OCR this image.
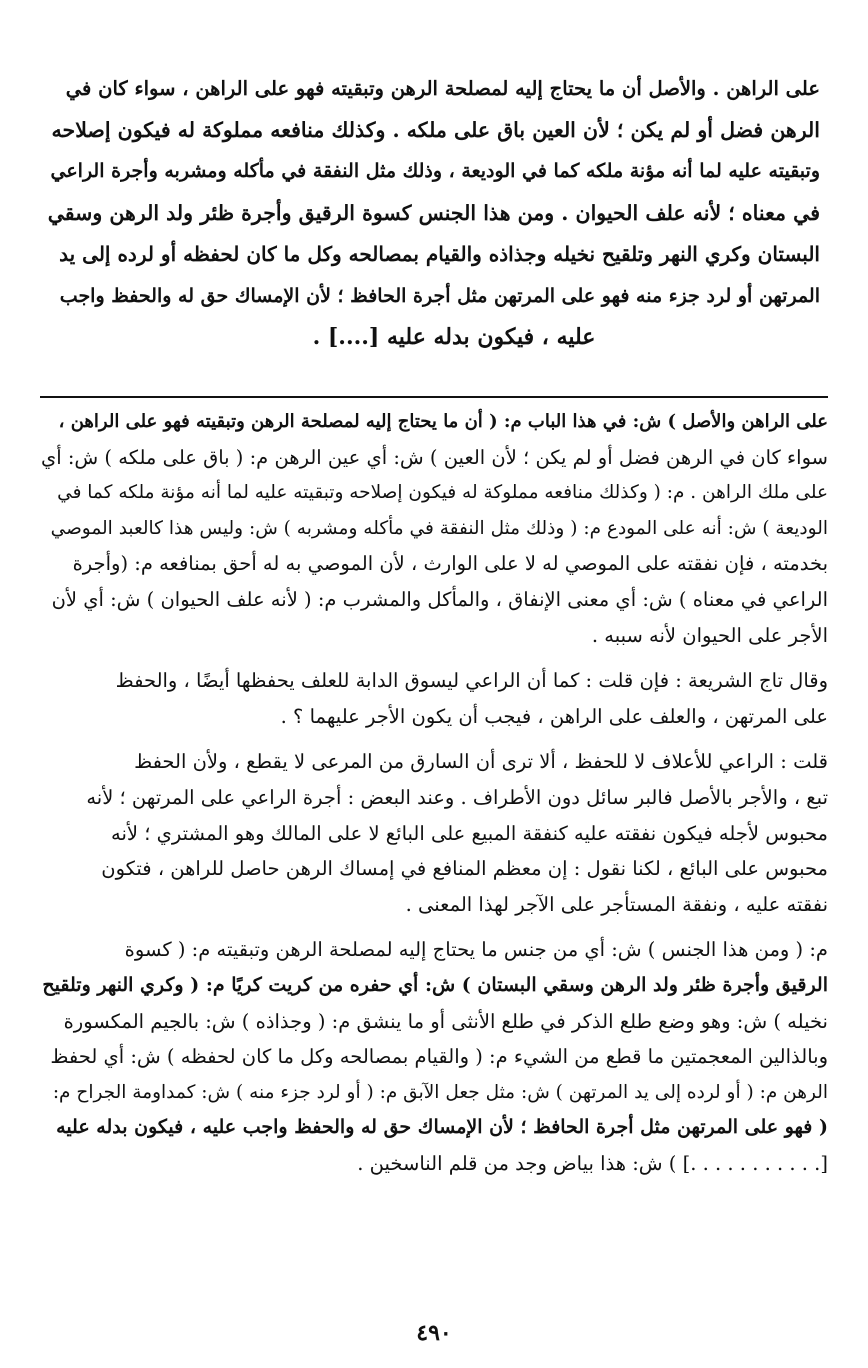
على الراهن . والأصل أن ما يحتاج إليه لمصلحة الرهن وتبقيته فهو على الراهن ، سواء كان في

الرهن فضل أو لم يكن ؛ لأن العين باق على ملكه . وكذلك منافعه مملوكة له فيكون إصلاحه

وتبقيته عليه لما أنه مؤنة ملكه كما في الوديعة ، وذلك مثل النفقة في مأكله ومشربه وأجرة الراعي

في معناه ؛ لأنه علف الحيوان . ومن هذا الجنس كسوة الرقيق وأجرة ظئر ولد الرهن وسقي

البستان وكري النهر وتلقيح نخيله وجذاذه والقيام بمصالحه وكل ما كان لحفظه أو لرده إلى يد

المرتهن أو لرد جزء منه فهو على المرتهن مثل أجرة الحافظ ؛ لأن الإمساك حق له والحفظ واجب

عليه ، فيكون بدله عليه [....] .

على الراهن والأصل ) ش: في هذا الباب م: ( أن ما يحتاج إليه لمصلحة الرهن وتبقيته فهو على الراهن ،
سواء كان في الرهن فضل أو لم يكن ؛ لأن العين ) ش: أي عين الرهن م: ( باق على ملكه ) ش: أي
على ملك الراهن . م: ( وكذلك منافعه مملوكة له فيكون إصلاحه وتبقيته عليه لما أنه مؤنة ملكه كما في
الوديعة ) ش: أنه على المودع م: ( وذلك مثل النفقة في مأكله ومشربه ) ش: وليس هذا كالعبد الموصي
بخدمته ، فإن نفقته على الموصي له لا على الوارث ، لأن الموصي به له أحق بمنافعه م: (وأجرة
الراعي في معناه ) ش: أي معنى الإنفاق ، والمأكل والمشرب م: ( لأنه علف الحيوان ) ش: أي لأن
الأجر على الحيوان لأنه سببه .
وقال تاج الشريعة : فإن قلت : كما أن الراعي ليسوق الدابة للعلف يحفظها أيضًا ، والحفظ
على المرتهن ، والعلف على الراهن ، فيجب أن يكون الأجر عليهما ؟ .
قلت : الراعي للأعلاف لا للحفظ ، ألا ترى أن السارق من المرعى لا يقطع ، ولأن الحفظ
تبع ، والأجر بالأصل فالبر سائل دون الأطراف . وعند البعض : أجرة الراعي على المرتهن ؛ لأنه
محبوس لأجله فيكون نفقته عليه كنفقة المبيع على البائع لا على المالك وهو المشتري ؛ لأنه
محبوس على البائع ، لكنا نقول : إن معظم المنافع في إمساك الرهن حاصل للراهن ، فتكون
نفقته عليه ، ونفقة المستأجر على الآجر لهذا المعنى .
م: ( ومن هذا الجنس ) ش: أي من جنس ما يحتاج إليه لمصلحة الرهن وتبقيته م: ( كسوة
الرقيق وأجرة ظئر ولد الرهن وسقي البستان ) ش: أي حفره من كريت كريًا م: ( وكري النهر وتلقيح
نخيله ) ش: وهو وضع طلع الذكر في طلع الأنثى أو ما ينشق م: ( وجذاذه ) ش: بالجيم المكسورة
وبالذالين المعجمتين ما قطع من الشيء م: ( والقيام بمصالحه وكل ما كان لحفظه ) ش: أي لحفظ
الرهن م: ( أو لرده إلى يد المرتهن ) ش: مثل جعل الآبق م: ( أو لرد جزء منه ) ش: كمداومة الجراح م:
( فهو على المرتهن مثل أجرة الحافظ ؛ لأن الإمساك حق له والحفظ واجب عليه ، فيكون بدله عليه
[. . . . . . . . . . .] ) ش: هذا بياض وجد من قلم الناسخين .
٤٩٠
